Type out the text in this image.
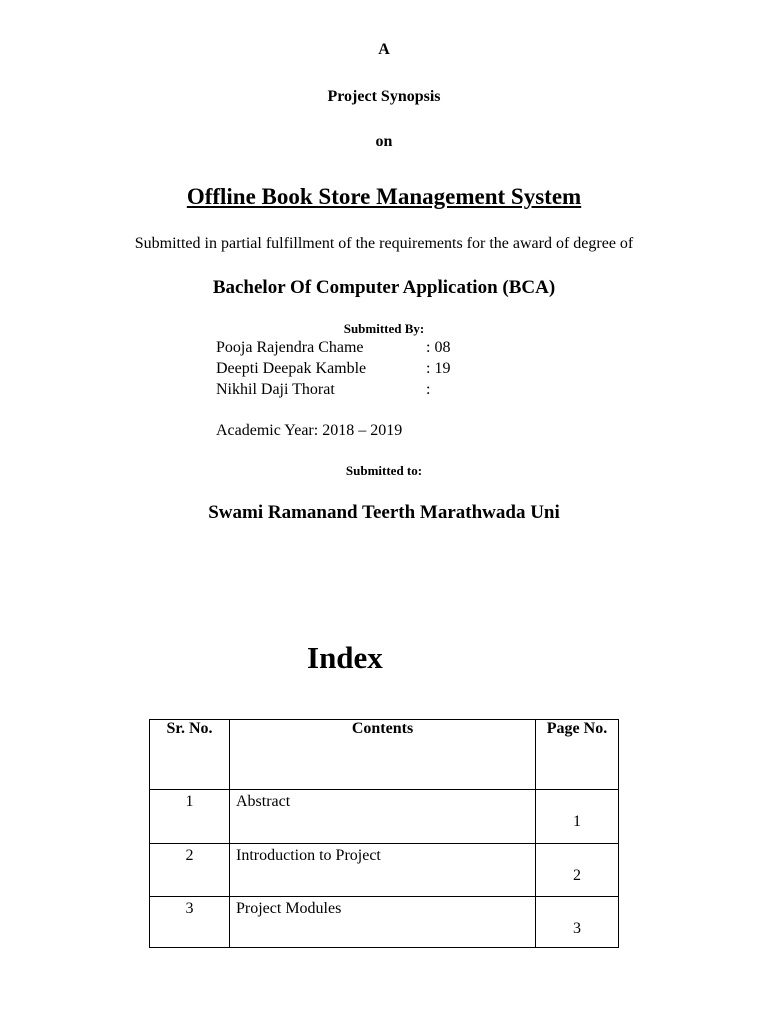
A
Project Synopsis
on
Offline Book Store Management System
Submitted in partial fulfillment of the requirements for the award of degree of
Bachelor Of Computer Application (BCA)
Submitted By:
Pooja Rajendra Chame	: 08
Deepti Deepak Kamble	: 19
Nikhil Daji Thorat	:
Academic Year: 2018 – 2019
Submitted to:
Swami Ramanand Teerth Marathwada Uni
Index
Sr. No.	Contents	Page No.

1	Abstract	1

2	Introduction to Project	2

3	Project Modules	3
